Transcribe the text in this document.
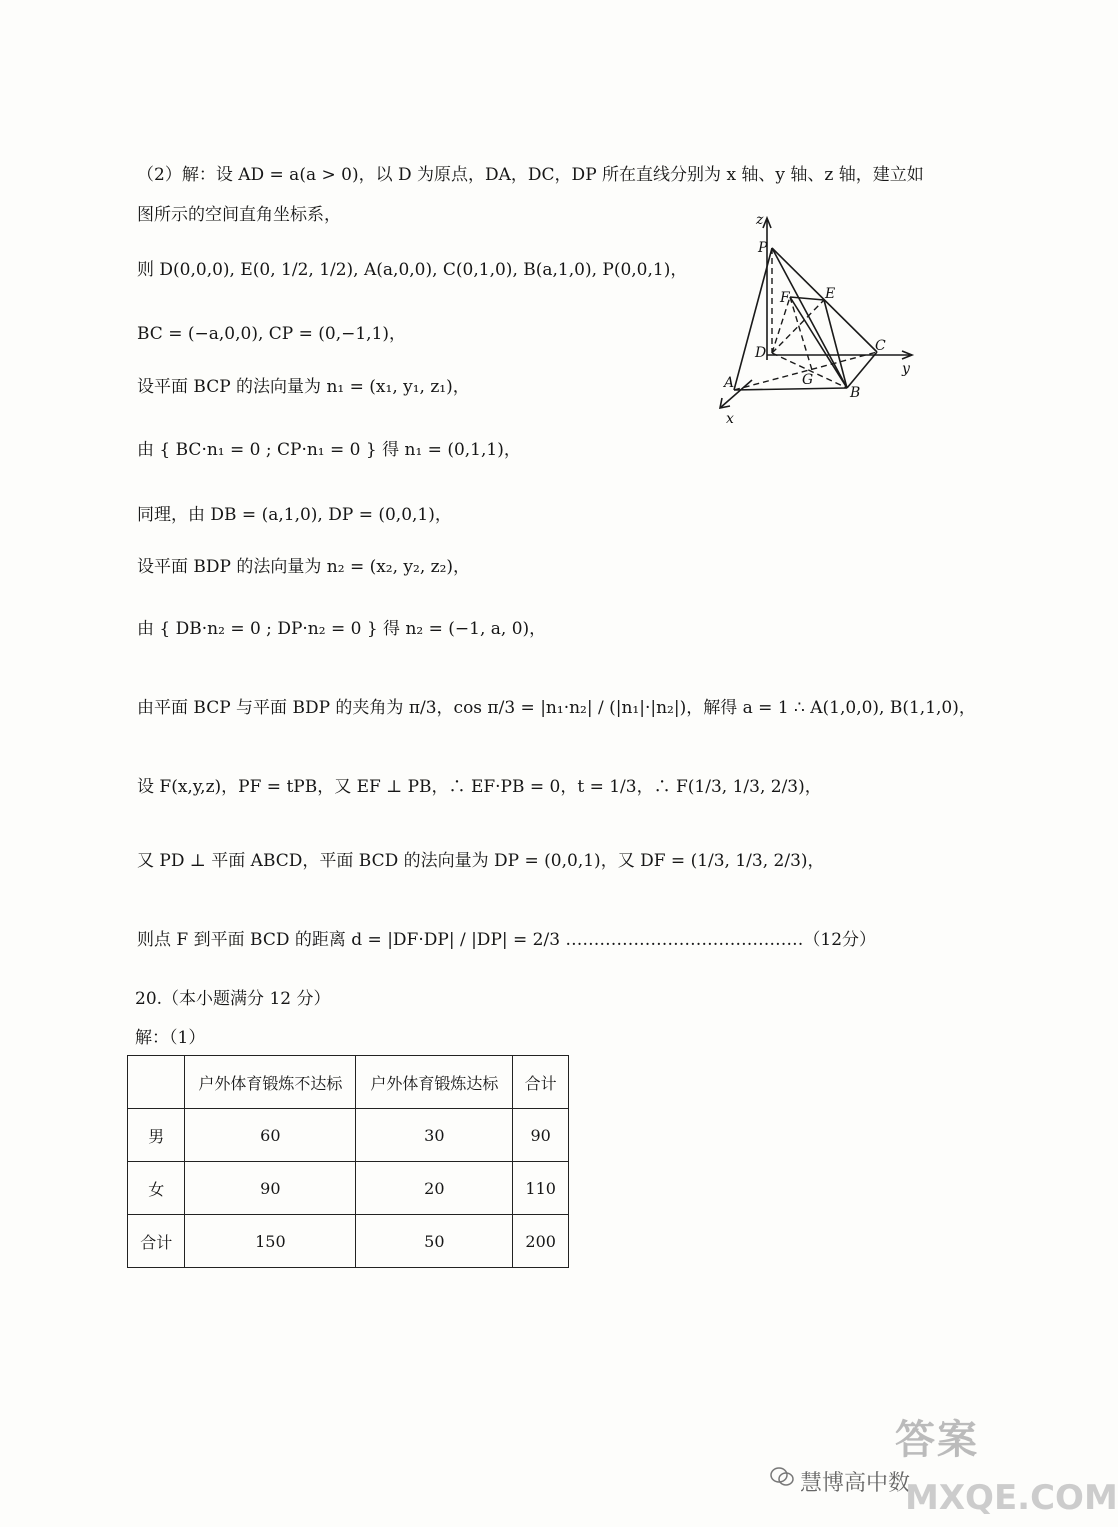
（2）解：设 AD = a(a > 0)，以 D 为原点，DA，DC，DP 所在直线分别为 x 轴、y 轴、z 轴，建立如
图所示的空间直角坐标系，
则 D(0,0,0), E(0, 1/2, 1/2), A(a,0,0), C(0,1,0), B(a,1,0), P(0,0,1)，
BC = (−a,0,0), CP = (0,−1,1)，
设平面 BCP 的法向量为 n₁ = (x₁, y₁, z₁)，
由 { BC·n₁ = 0 ; CP·n₁ = 0 } 得 n₁ = (0,1,1)，
同理，由 DB = (a,1,0), DP = (0,0,1)，
设平面 BDP 的法向量为 n₂ = (x₂, y₂, z₂)，
由 { DB·n₂ = 0 ; DP·n₂ = 0 } 得 n₂ = (−1, a, 0)，
由平面 BCP 与平面 BDP 的夹角为 π/3，cos π/3 = |n₁·n₂| / (|n₁|·|n₂|)，解得 a = 1 ∴ A(1,0,0), B(1,1,0)，
设 F(x,y,z)，PF = tPB，又 EF ⊥ PB，∴ EF·PB = 0，t = 1/3，∴ F(1/3, 1/3, 2/3)，
又 PD ⊥ 平面 ABCD，平面 BCD 的法向量为 DP = (0,0,1)，又 DF = (1/3, 1/3, 2/3)，
则点 F 到平面 BCD 的距离 d = |DF·DP| / |DP| = 2/3 ……………………………………（12分）
z
P
F	E
D	C
y
A	G
B
x
20.（本小题满分 12 分）
解：（1）
	户外体育锻炼不达标	户外体育锻炼达标	合计
男	60	30	90
女	90	20	110
合计	150	50	200
慧博高中数
答案
MXQE.COM
